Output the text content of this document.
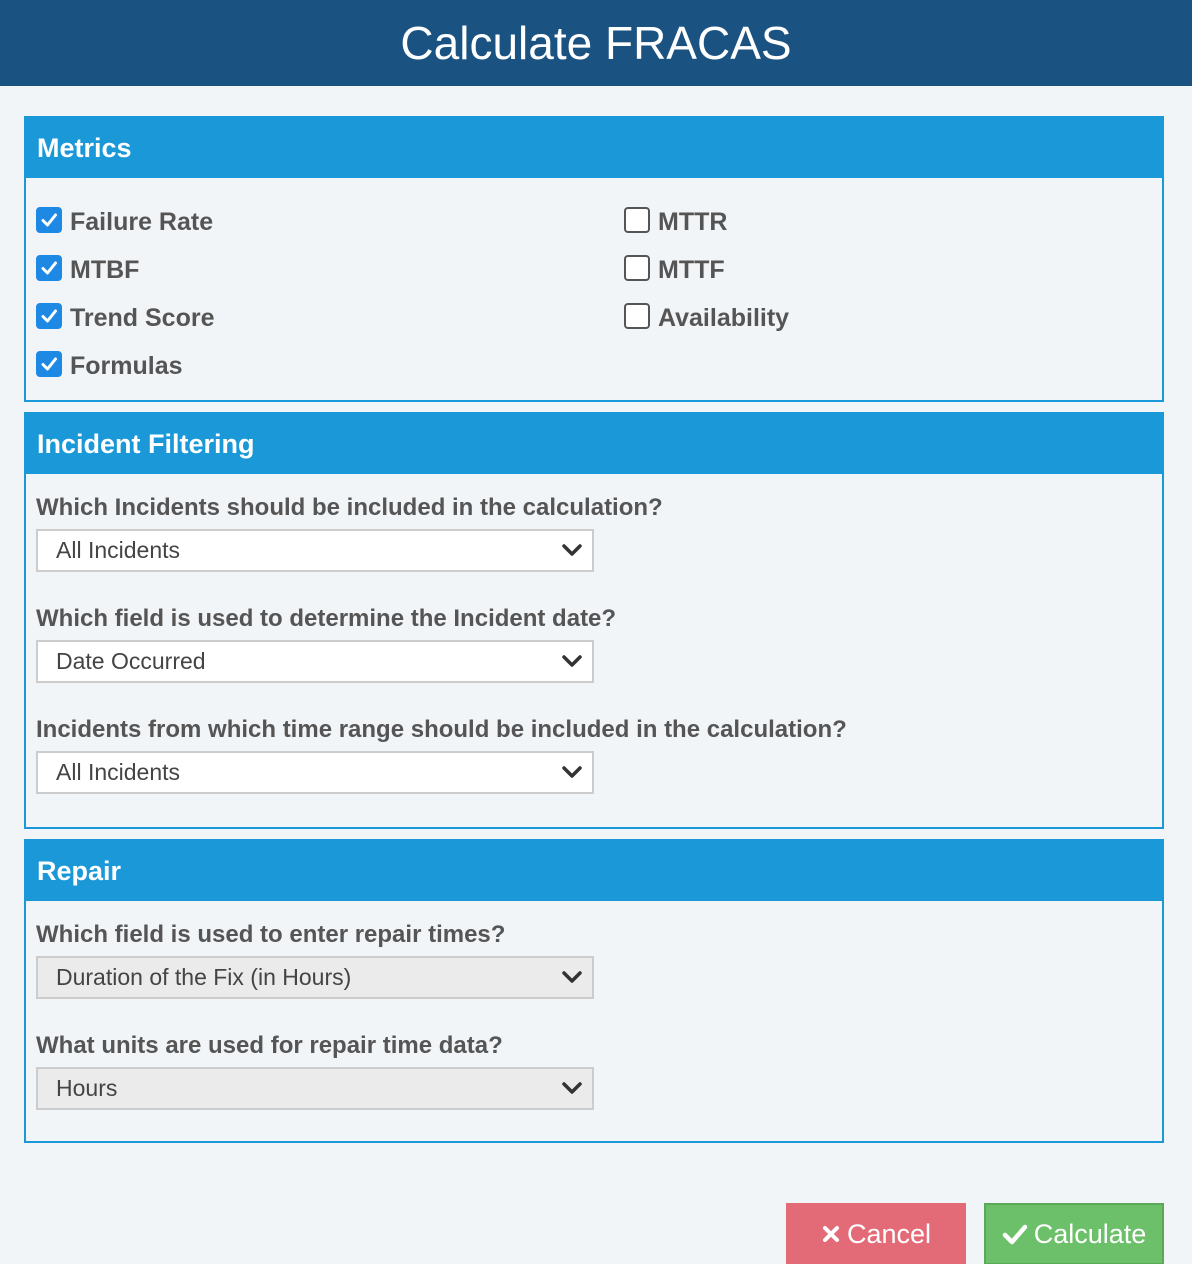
Calculate FRACAS
Metrics
Failure Rate
MTBF
Trend Score
Formulas
MTTR
MTTF
Availability
Incident Filtering
Which Incidents should be included in the calculation?
All Incidents
Which field is used to determine the Incident date?
Date Occurred
Incidents from which time range should be included in the calculation?
All Incidents
Repair
Which field is used to enter repair times?
Duration of the Fix (in Hours)
What units are used for repair time data?
Hours
Cancel	Calculate
